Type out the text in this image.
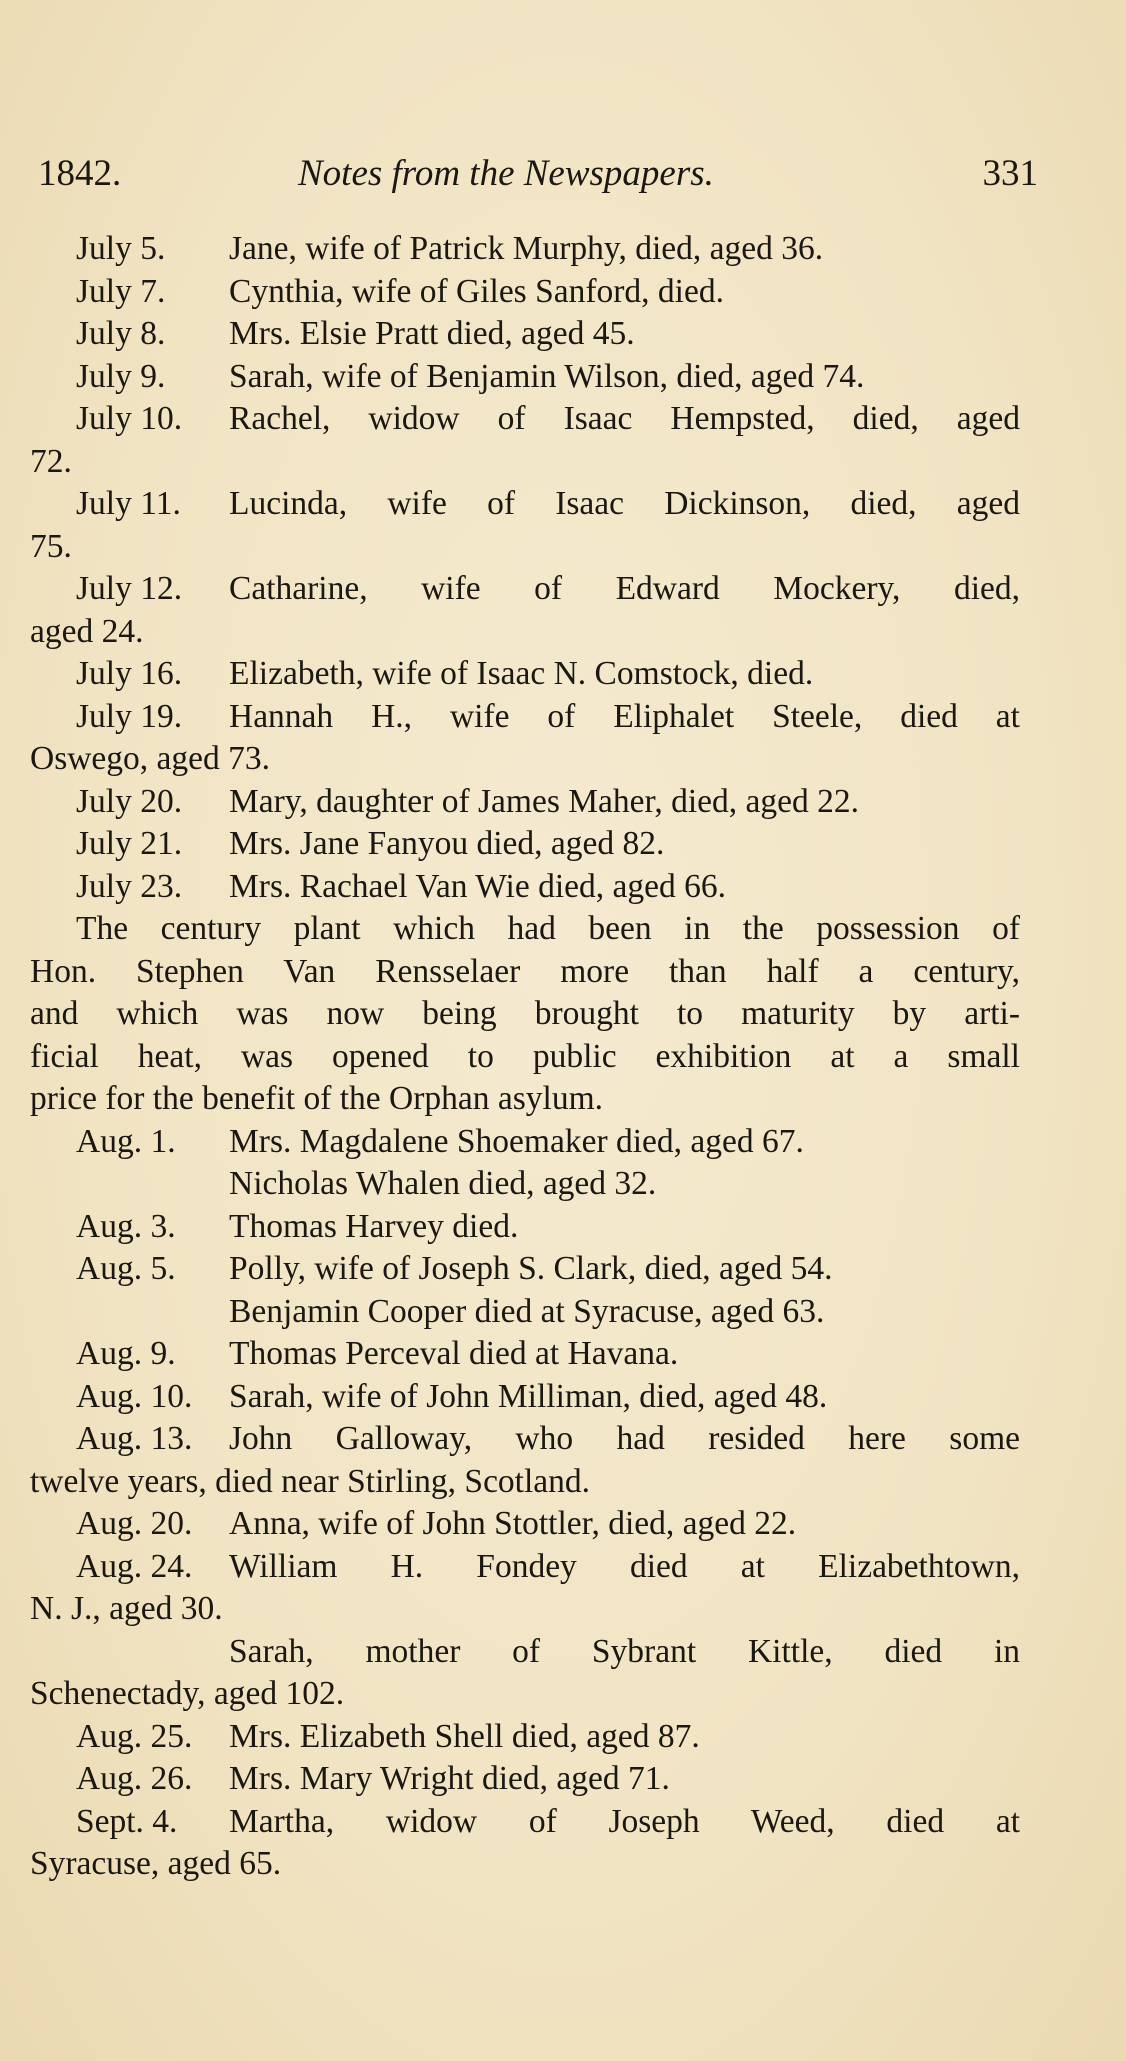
1842.	Notes from the Newspapers.	331
July 5.	Jane, wife of Patrick Murphy, died, aged 36.
July 7.	Cynthia, wife of Giles Sanford, died.
July 8.	Mrs. Elsie Pratt died, aged 45.
July 9.	Sarah, wife of Benjamin Wilson, died, aged 74.
July 10.	Rachel, widow of Isaac Hempsted, died, aged
72.
July 11.	Lucinda, wife of Isaac Dickinson, died, aged
75.
July 12.	Catharine, wife of Edward Mockery, died,
aged 24.
July 16.	Elizabeth, wife of Isaac N. Comstock, died.
July 19.	Hannah H., wife of Eliphalet Steele, died at
Oswego, aged 73.
July 20.	Mary, daughter of James Maher, died, aged 22.
July 21.	Mrs. Jane Fanyou died, aged 82.
July 23.	Mrs. Rachael Van Wie died, aged 66.
The century plant which had been in the possession of
Hon. Stephen Van Rensselaer more than half a century,
and which was now being brought to maturity by arti-
ficial heat, was opened to public exhibition at a small
price for the benefit of the Orphan asylum.
Aug. 1.	Mrs. Magdalene Shoemaker died, aged 67.
Nicholas Whalen died, aged 32.
Aug. 3.	Thomas Harvey died.
Aug. 5.	Polly, wife of Joseph S. Clark, died, aged 54.
Benjamin Cooper died at Syracuse, aged 63.
Aug. 9.	Thomas Perceval died at Havana.
Aug. 10.	Sarah, wife of John Milliman, died, aged 48.
Aug. 13.	John Galloway, who had resided here some
twelve years, died near Stirling, Scotland.
Aug. 20.	Anna, wife of John Stottler, died, aged 22.
Aug. 24.	William H. Fondey died at Elizabethtown,
N. J., aged 30.
Sarah, mother of Sybrant Kittle, died in
Schenectady, aged 102.
Aug. 25.	Mrs. Elizabeth Shell died, aged 87.
Aug. 26.	Mrs. Mary Wright died, aged 71.
Sept. 4.	Martha, widow of Joseph Weed, died at
Syracuse, aged 65.
